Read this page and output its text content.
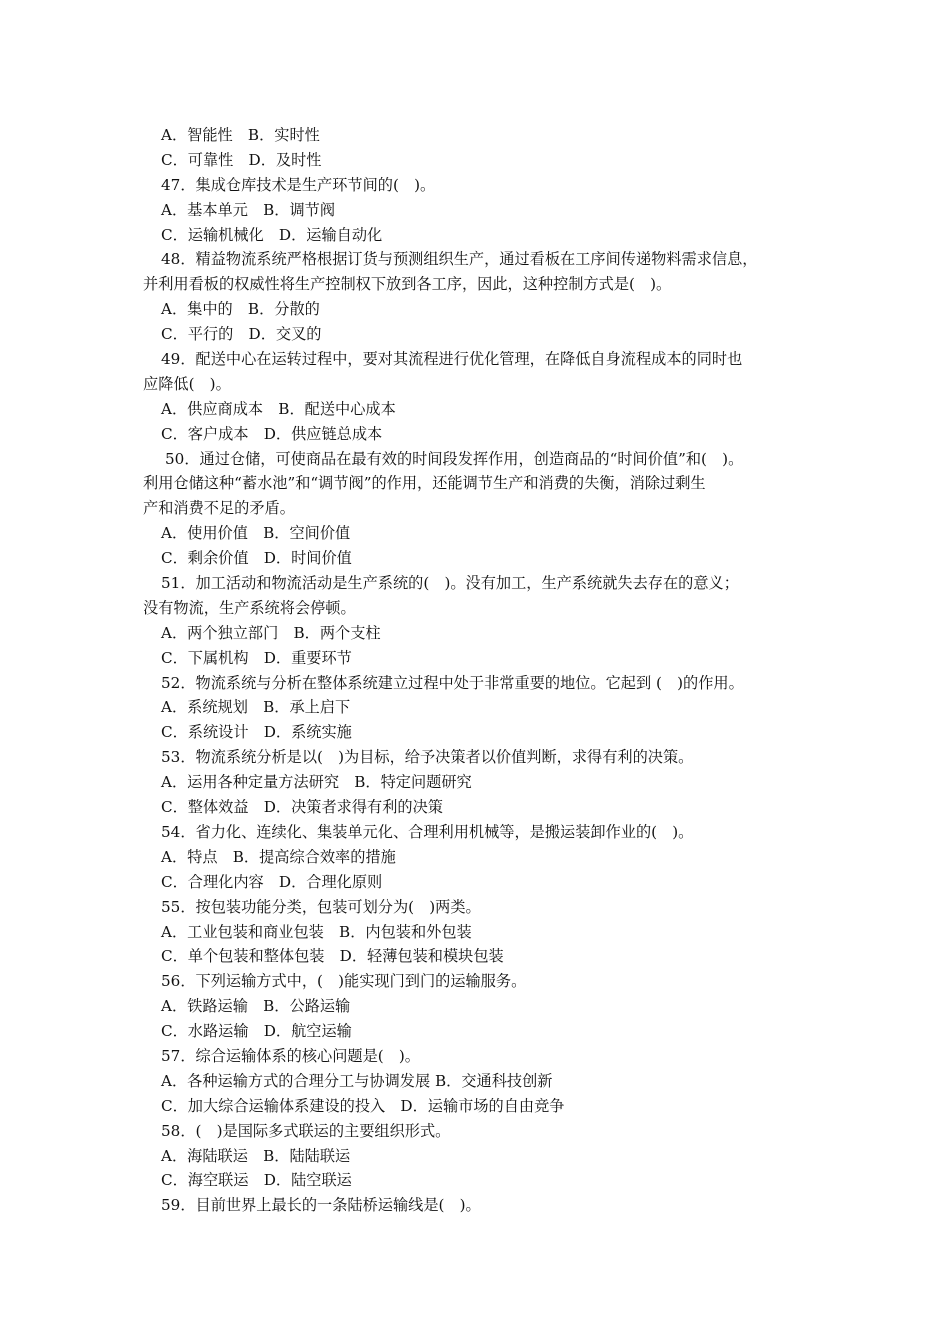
A．智能性　B．实时性
C．可靠性　D．及时性
47．集成仓库技术是生产环节间的(　)。
A．基本单元　B．调节阀
C．运输机械化　D．运输自动化
48．精益物流系统严格根据订货与预测组织生产，通过看板在工序间传递物料需求信息，
并利用看板的权威性将生产控制权下放到各工序，因此，这种控制方式是(　)。
A．集中的　B．分散的
C．平行的　D．交叉的
49．配送中心在运转过程中，要对其流程进行优化管理，在降低自身流程成本的同时也
应降低(　)。
A．供应商成本　B．配送中心成本
C．客户成本　D．供应链总成本
50．通过仓储，可使商品在最有效的时间段发挥作用，创造商品的“时间价值”和(　)。
利用仓储这种“蓄水池”和“调节阀”的作用，还能调节生产和消费的失衡，消除过剩生
产和消费不足的矛盾。
A．使用价值　B．空间价值
C．剩余价值　D．时间价值
51．加工活动和物流活动是生产系统的(　)。没有加工，生产系统就失去存在的意义；
没有物流，生产系统将会停顿。
A．两个独立部门　B．两个支柱
C．下属机构　D．重要环节
52．物流系统与分析在整体系统建立过程中处于非常重要的地位。它起到 (　)的作用。
A．系统规划　B．承上启下
C．系统设计　D．系统实施
53．物流系统分析是以(　)为目标，给予决策者以价值判断，求得有利的决策。
A．运用各种定量方法研究　B．特定问题研究
C．整体效益　D．决策者求得有利的决策
54．省力化、连续化、集装单元化、合理利用机械等，是搬运装卸作业的(　)。
A．特点　B．提高综合效率的措施
C．合理化内容　D．合理化原则
55．按包装功能分类，包装可划分为(　)两类。
A．工业包装和商业包装　B．内包装和外包装
C．单个包装和整体包装　D．轻薄包装和模块包装
56．下列运输方式中，(　)能实现门到门的运输服务。
A．铁路运输　B．公路运输
C．水路运输　D．航空运输
57．综合运输体系的核心问题是(　)。
A．各种运输方式的合理分工与协调发展 B．交通科技创新
C．加大综合运输体系建设的投入　D．运输市场的自由竞争
58．(　)是国际多式联运的主要组织形式。
A．海陆联运　B．陆陆联运
C．海空联运　D．陆空联运
59．目前世界上最长的一条陆桥运输线是(　)。
